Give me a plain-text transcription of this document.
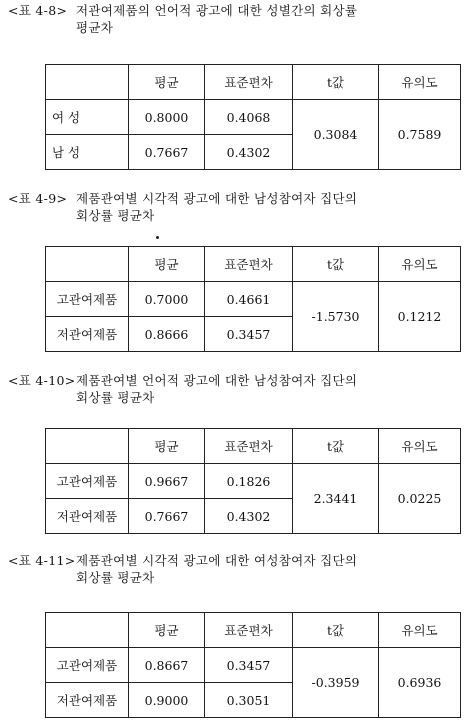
<표 4-8> 저관여제품의 언어적 광고에 대한 성별간의 회상률
평균차
	평균	표준편차	t값	유의도
여 성	0.8000	0.4068	0.3084	0.7589
남 성	0.7667	0.4302		
<표 4-9> 제품관여별 시각적 광고에 대한 남성참여자 집단의
회상률 평균차
	평균	표준편차	t값	유의도
고관여제품	0.7000	0.4661	-1.5730	0.1212
저관여제품	0.8666	0.3457		
<표 4-10>제품관여별 언어적 광고에 대한 남성참여자 집단의
회상률 평균차
	평균	표준편차	t값	유의도
고관여제품	0.9667	0.1826	2.3441	0.0225
저관여제품	0.7667	0.4302		
<표 4-11>제품관여별 시각적 광고에 대한 여성참여자 집단의
회상률 평균차
	평균	표준편차	t값	유의도
고관여제품	0.8667	0.3457	-0.3959	0.6936
저관여제품	0.9000	0.3051		
